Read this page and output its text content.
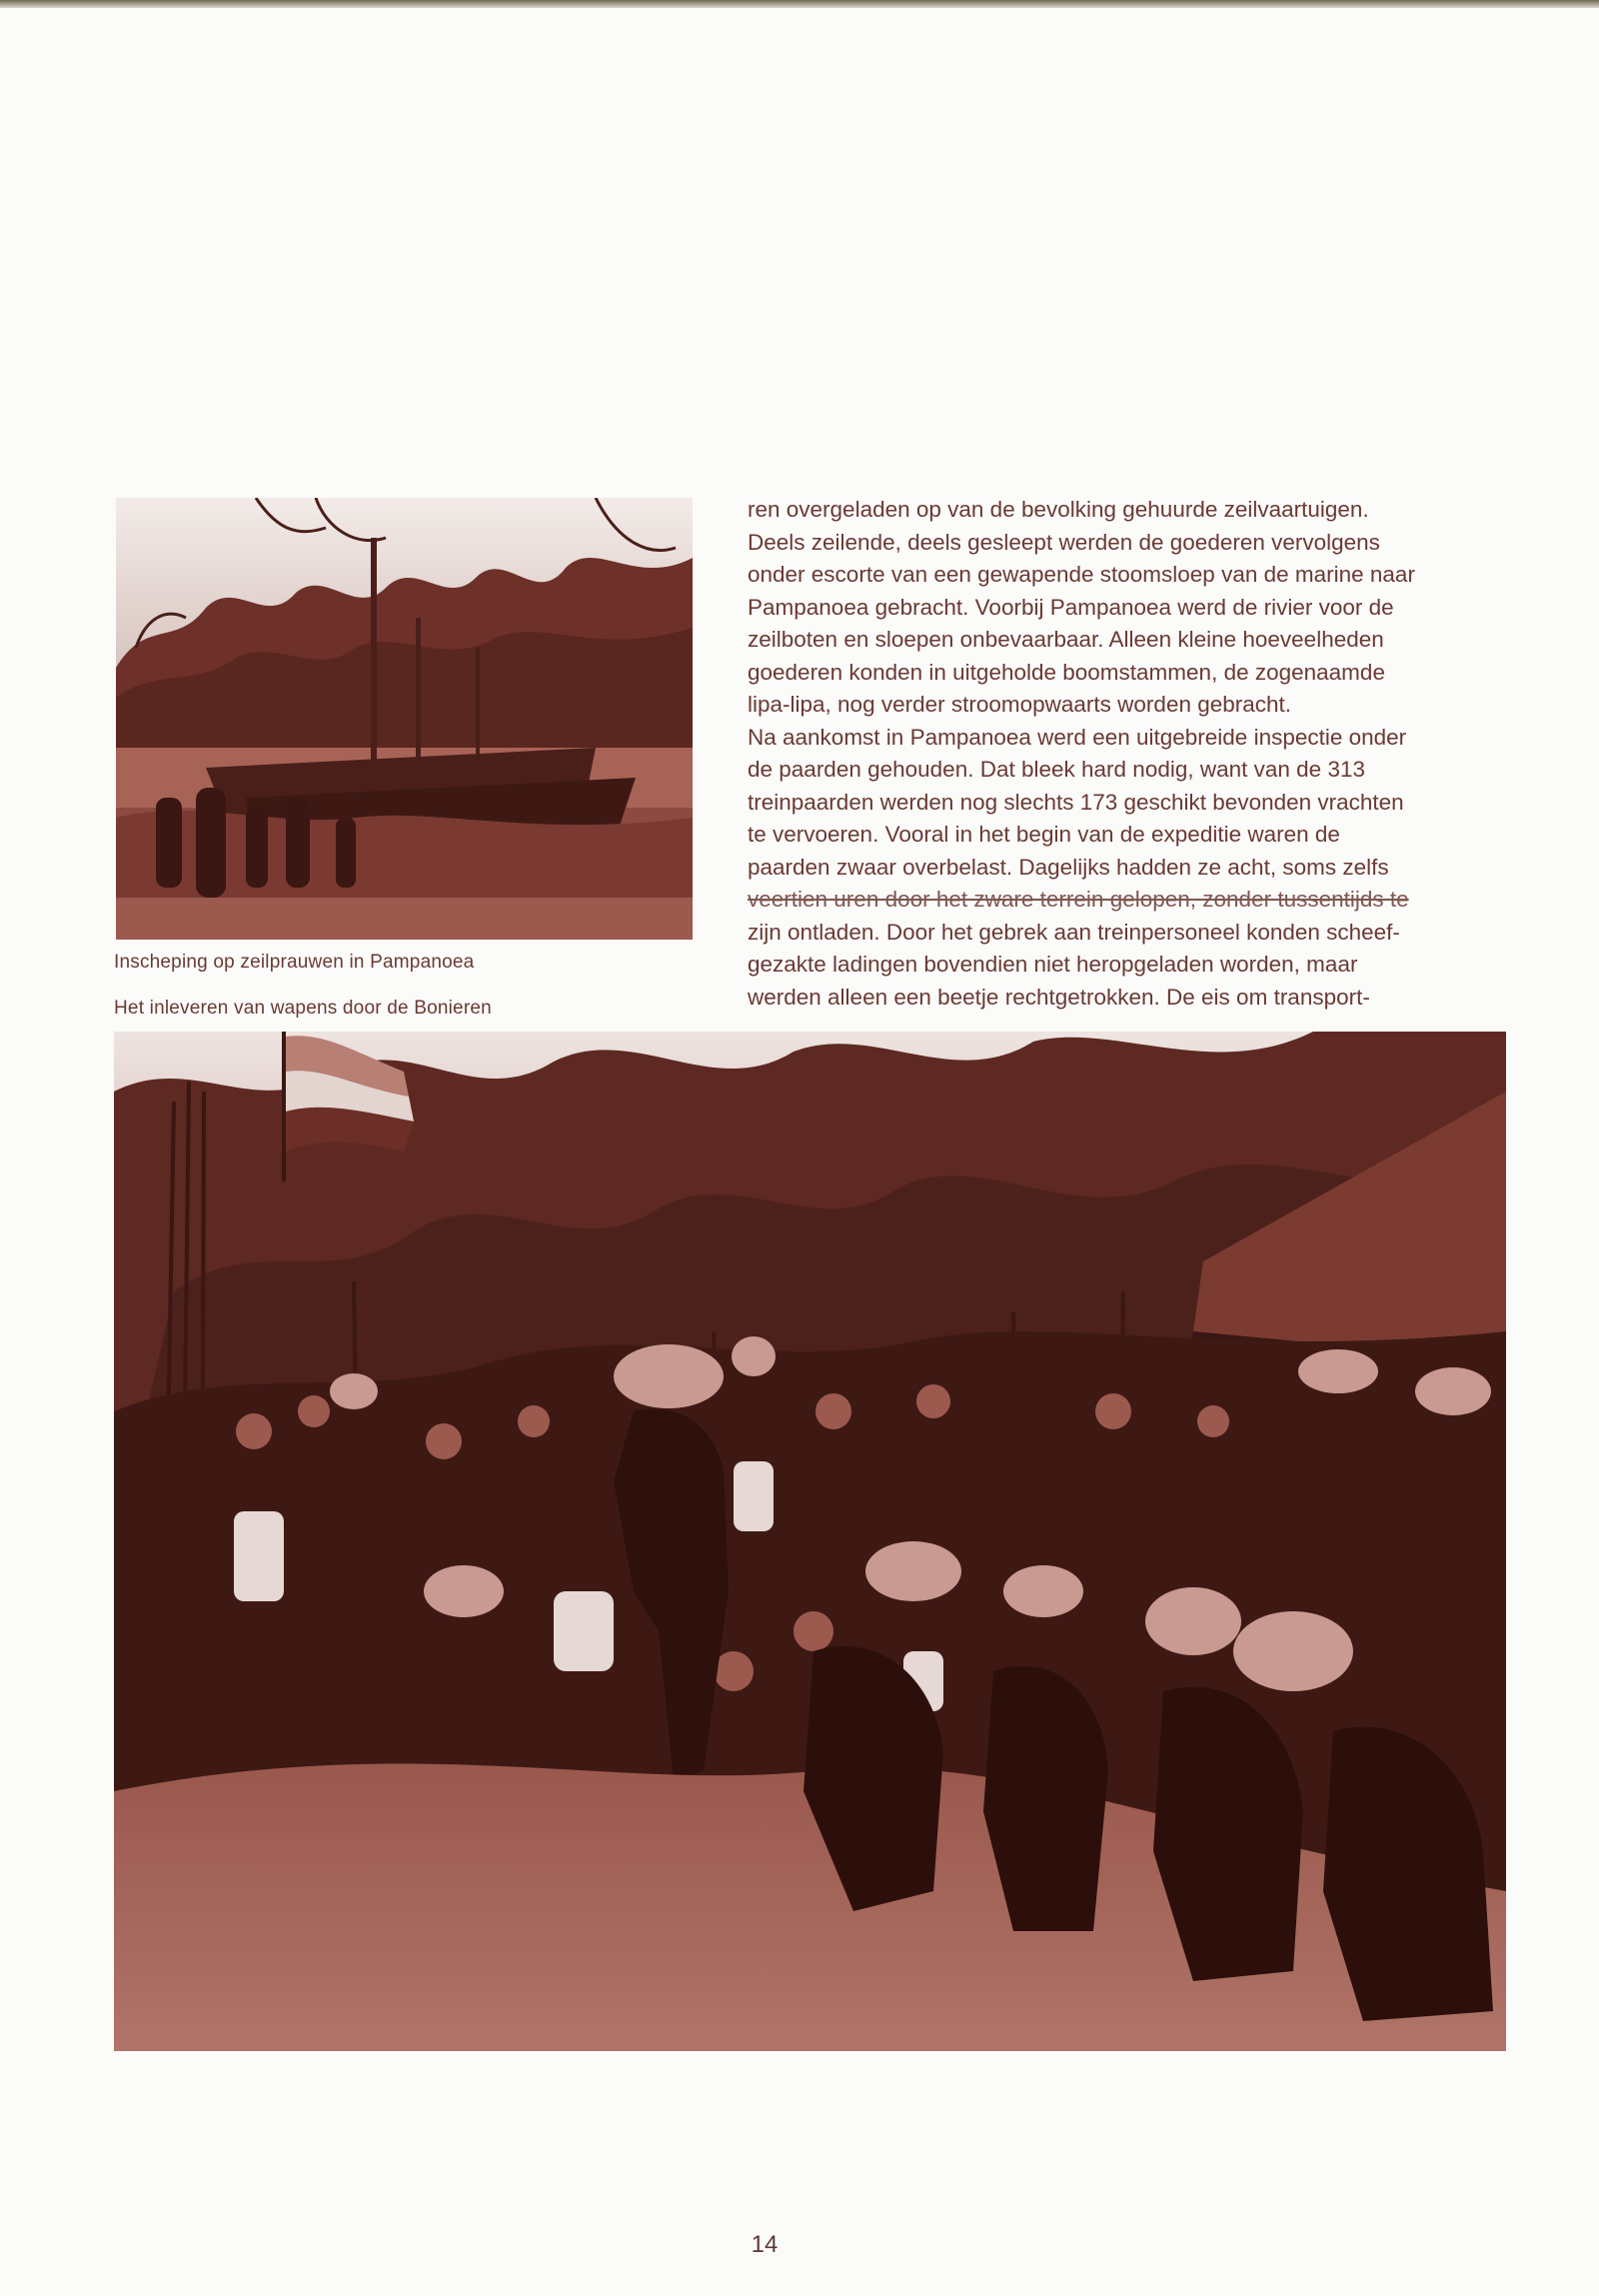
Inscheping op zeilprauwen in Pampanoea
Het inleveren van wapens door de Bonieren
ren overgeladen op van de bevolking gehuurde zeilvaartuigen.
Deels zeilende, deels gesleept werden de goederen vervolgens
onder escorte van een gewapende stoomsloep van de marine naar
Pampanoea gebracht. Voorbij Pampanoea werd de rivier voor de
zeilboten en sloepen onbevaarbaar. Alleen kleine hoeveelheden
goederen konden in uitgeholde boomstammen, de zogenaamde
lipa-lipa, nog verder stroomopwaarts worden gebracht.
Na aankomst in Pampanoea werd een uitgebreide inspectie onder
de paarden gehouden. Dat bleek hard nodig, want van de 313
treinpaarden werden nog slechts 173 geschikt bevonden vrachten
te vervoeren. Vooral in het begin van de expeditie waren de
paarden zwaar overbelast. Dagelijks hadden ze acht, soms zelfs
veertien uren door het zware terrein gelopen, zonder tussentijds te
zijn ontladen. Door het gebrek aan treinpersoneel konden scheef-
gezakte ladingen bovendien niet heropgeladen worden, maar
werden alleen een beetje rechtgetrokken. De eis om transport-
14
